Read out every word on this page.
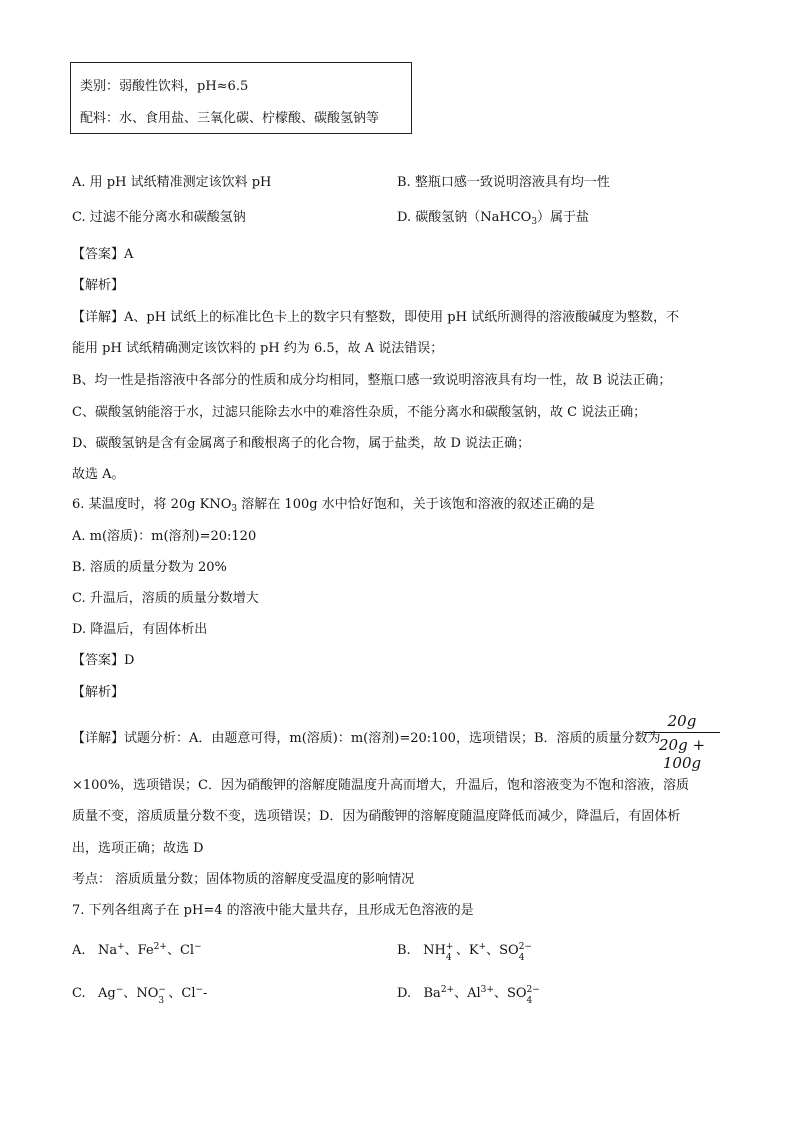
类别：弱酸性饮料，pH≈6.5
配料：水、食用盐、三氧化碳、柠檬酸、碳酸氢钠等
A. 用 pH 试纸精准测定该饮料 pH	B. 整瓶口感一致说明溶液具有均一性
C. 过滤不能分离水和碳酸氢钠	D. 碳酸氢钠（NaHCO$_3$）属于盐
【答案】A
【解析】
【详解】A、pH 试纸上的标准比色卡上的数字只有整数，即使用 pH 试纸所测得的溶液酸碱度为整数，不
能用 pH 试纸精确测定该饮料的 pH 约为 6.5，故 A 说法错误；
B、均一性是指溶液中各部分的性质和成分均相同，整瓶口感一致说明溶液具有均一性，故 B 说法正确；
C、碳酸氢钠能溶于水，过滤只能除去水中的难溶性杂质，不能分离水和碳酸氢钠，故 C 说法正确；
D、碳酸氢钠是含有金属离子和酸根离子的化合物，属于盐类，故 D 说法正确；
故选 A。
6. 某温度时，将 20g $KNO_3$ 溶解在 100g 水中恰好饱和，关于该饱和溶液的叙述正确的是
A. m(溶质)：m(溶剂)=20:120
B. 溶质的质量分数为 20%
C. 升温后，溶质的质量分数增大
D. 降温后，有固体析出
【答案】D
【解析】
【详解】试题分析：A．由题意可得，m(溶质)：m(溶剂)=20:100，选项错误；B．溶质的质量分数为
20g
20g + 100g
×100%，选项错误；C．因为硝酸钾的溶解度随温度升高而增大，升温后，饱和溶液变为不饱和溶液，溶质
质量不变，溶质质量分数不变，选项错误；D．因为硝酸钾的溶解度随温度降低而减少，降温后，有固体析
出，选项正确；故选 D
考点： 溶质质量分数；固体物质的溶解度受温度的影响情况
7. 下列各组离子在 pH=4 的溶液中能大量共存，且形成无色溶液的是
A. Na+、$Fe^{2+}$、Cl−	B. NH +
4 、K+、SO 2−
4
C. Ag−、NO −
3 、Cl−-	D. $Ba^{2+}$、$Al^{3+}$、SO 2−
4
